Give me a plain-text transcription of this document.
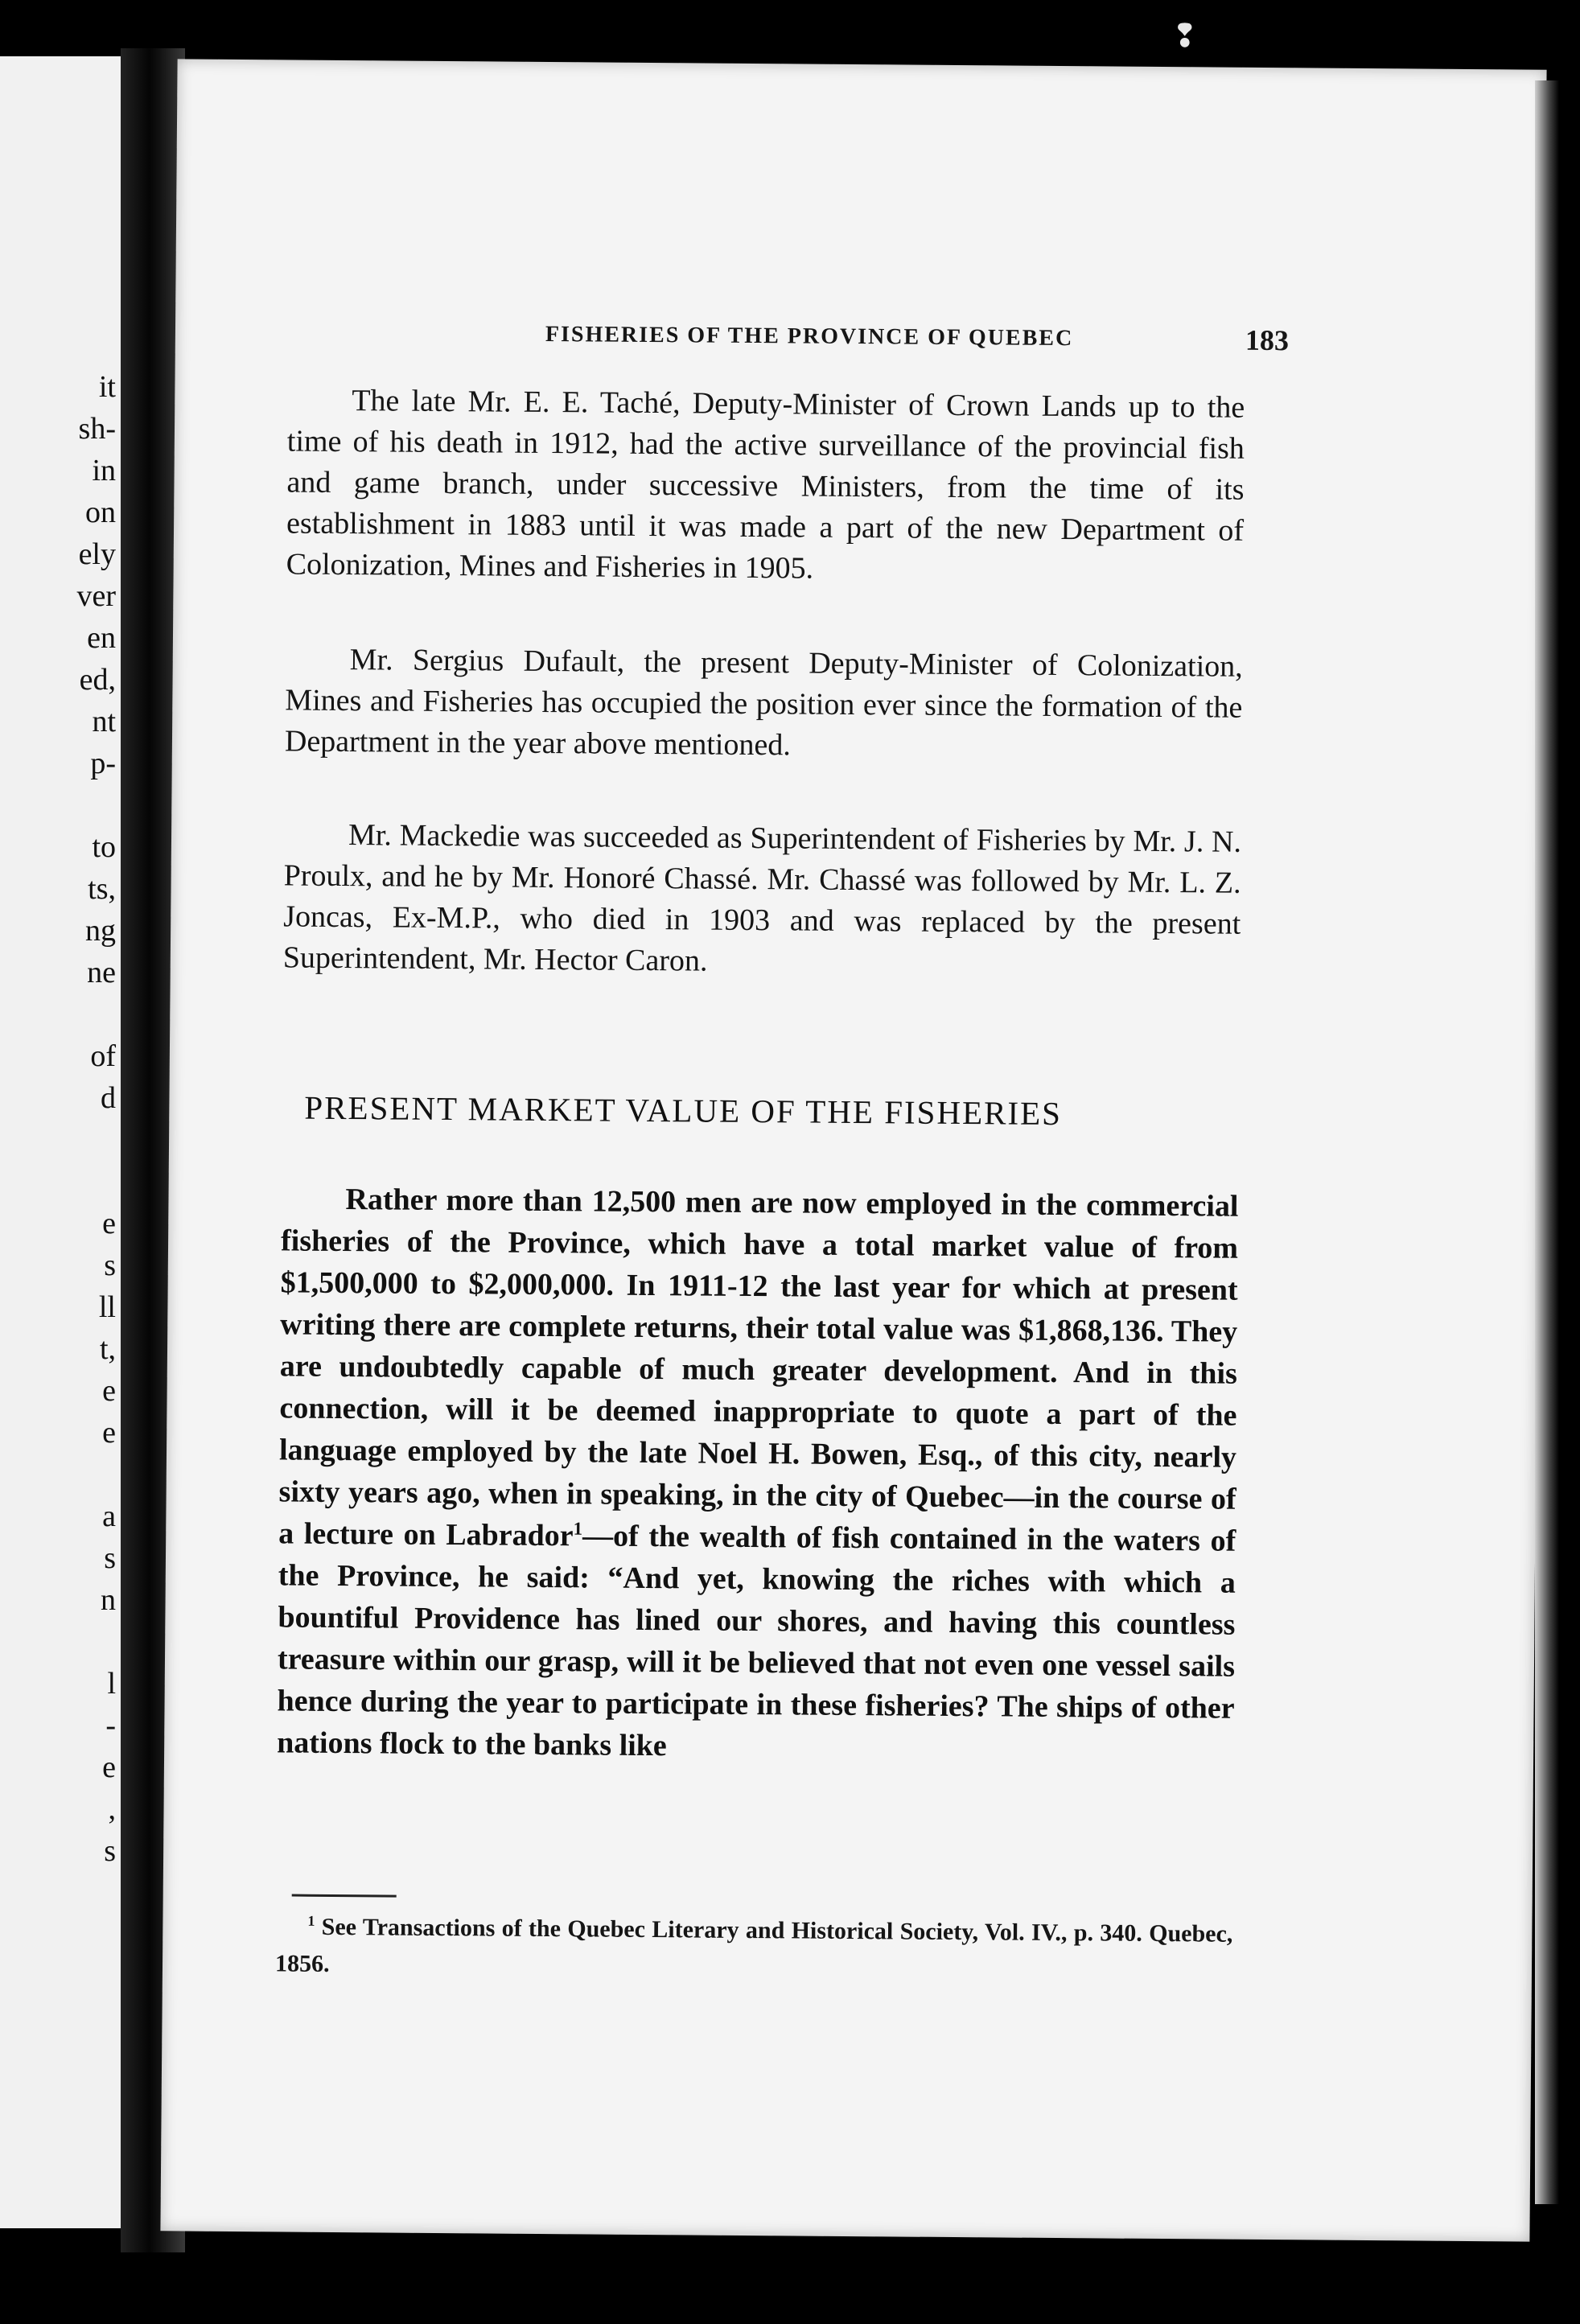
it
sh-
in
on
ely
ver
en
ed,
nt
p-
to
ts,
ng
ne
of
d
e
s
ll
t,
e
e
a
s
n
l
-
e
,
s
❢
FISHERIES OF THE PROVINCE OF QUEBEC	183
The late Mr. E. E. Taché, Deputy-Minister of Crown Lands up to the time of his death in 1912, had the active surveillance of the provincial fish and game branch, under successive Ministers, from the time of its establishment in 1883 until it was made a part of the new Department of Colonization, Mines and Fisheries in 1905.
Mr. Sergius Dufault, the present Deputy-Minister of Colonization, Mines and Fisheries has occupied the position ever since the formation of the Department in the year above mentioned.
Mr. Mackedie was succeeded as Superintendent of Fisheries by Mr. J. N. Proulx, and he by Mr. Honoré Chassé. Mr. Chassé was followed by Mr. L. Z. Joncas, Ex-M.P., who died in 1903 and was replaced by the present Superintendent, Mr. Hector Caron.
PRESENT MARKET VALUE OF THE FISHERIES
Rather more than 12,500 men are now employed in the commercial fisheries of the Province, which have a total market value of from $1,500,000 to $2,000,000. In 1911-12 the last year for which at present writing there are complete returns, their total value was $1,868,136. They are undoubtedly capable of much greater development. And in this connection, will it be deemed inappropriate to quote a part of the language employed by the late Noel H. Bowen, Esq., of this city, nearly sixty years ago, when in speaking, in the city of Quebec—in the course of a lecture on Labrador$^1$—of the wealth of fish contained in the waters of the Province, he said: “And yet, knowing the riches with which a bountiful Providence has lined our shores, and having this countless treasure within our grasp, will it be believed that not even one vessel sails hence during the year to participate in these fisheries? The ships of other nations flock to the banks like
$^1$ See Transactions of the Quebec Literary and Historical Society, Vol. IV., p. 340. Quebec, 1856.
